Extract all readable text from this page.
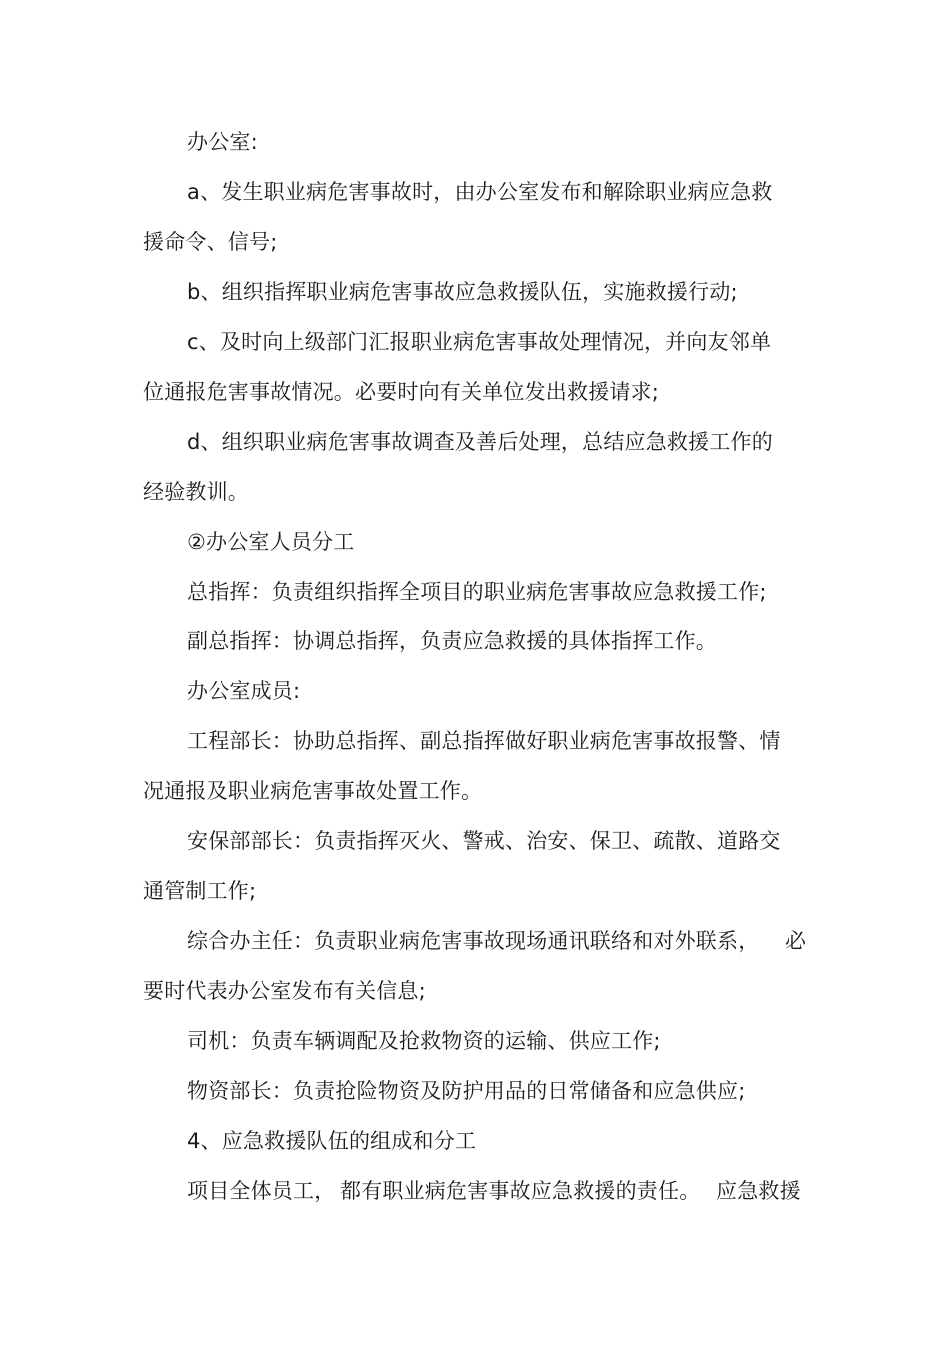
办公室:
a、发生职业病危害事故时，由办公室发布和解除职业病应急救
援命令、信号;
b、组织指挥职业病危害事故应急救援队伍，实施救援行动;
c、及时向上级部门汇报职业病危害事故处理情况，并向友邻单
位通报危害事故情况。必要时向有关单位发出救援请求;
d、组织职业病危害事故调查及善后处理，总结应急救援工作的
经验教训。
②办公室人员分工
总指挥：负责组织指挥全项目的职业病危害事故应急救援工作;
副总指挥：协调总指挥，负责应急救援的具体指挥工作。
办公室成员:
工程部长：协助总指挥、副总指挥做好职业病危害事故报警、情
况通报及职业病危害事故处置工作。
安保部部长：负责指挥灭火、警戒、治安、保卫、疏散、道路交
通管制工作;
综合办主任：负责职业病危害事故现场通讯联络和对外联系， 必
要时代表办公室发布有关信息;
司机：负责车辆调配及抢救物资的运输、供应工作;
物资部长：负责抢险物资及防护用品的日常储备和应急供应;
4、应急救援队伍的组成和分工
项目全体员工， 都有职业病危害事故应急救援的责任。 应急救援
